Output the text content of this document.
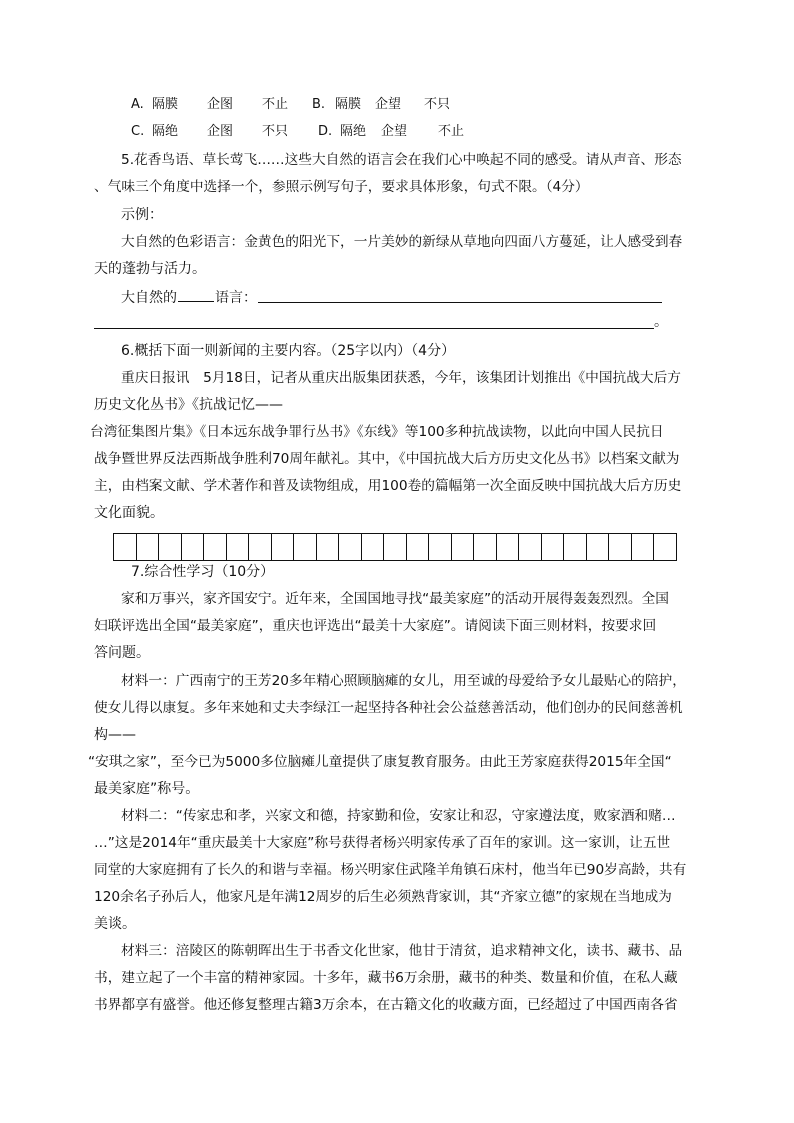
A. 隔膜 企图 不止 B. 隔膜 企望 不只
C. 隔绝 企图 不只 D. 隔绝 企望 不止
5.花香鸟语、草长莺飞……这些大自然的语言会在我们心中唤起不同的感受。请从声音、形态
、气味三个角度中选择一个，参照示例写句子，要求具体形象，句式不限。（4分）
示例：
大自然的色彩语言：金黄色的阳光下，一片美妙的新绿从草地向四面八方蔓延，让人感受到春
天的蓬勃与活力。
大自然的	语言：
。
6.概括下面一则新闻的主要内容。（25字以内）（4分）
重庆日报讯　5月18日，记者从重庆出版集团获悉，今年，该集团计划推出《中国抗战大后方
历史文化丛书》《抗战记忆——
台湾征集图片集》《日本远东战争罪行丛书》《东线》等100多种抗战读物，以此向中国人民抗日
战争暨世界反法西斯战争胜利70周年献礼。其中，《中国抗战大后方历史文化丛书》以档案文献为
主，由档案文献、学术著作和普及读物组成，用100卷的篇幅第一次全面反映中国抗战大后方历史
文化面貌。
7.综合性学习（10分）
家和万事兴，家齐国安宁。近年来，全国国地寻找“最美家庭”的活动开展得轰轰烈烈。全国
妇联评选出全国“最美家庭”，重庆也评选出“最美十大家庭”。请阅读下面三则材料，按要求回
答问题。
材料一：广西南宁的王芳20多年精心照顾脑瘫的女儿，用至诚的母爱给予女儿最贴心的陪护，
使女儿得以康复。多年来她和丈夫李绿江一起坚持各种社会公益慈善活动，他们创办的民间慈善机
构——
“安琪之家”，至今已为5000多位脑瘫儿童提供了康复教育服务。由此王芳家庭获得2015年全国“
最美家庭”称号。
材料二：“传家忠和孝，兴家文和德，持家勤和俭，安家让和忍，守家遵法度，败家酒和赌…
…”这是2014年“重庆最美十大家庭”称号获得者杨兴明家传承了百年的家训。这一家训，让五世
同堂的大家庭拥有了长久的和谐与幸福。杨兴明家住武隆羊角镇石床村，他当年已90岁高龄，共有
120余名子孙后人，他家凡是年满12周岁的后生必须熟背家训，其“齐家立德”的家规在当地成为
美谈。
材料三：涪陵区的陈朝晖出生于书香文化世家，他甘于清贫，追求精神文化，读书、藏书、品
书，建立起了一个丰富的精神家园。十多年，藏书6万余册，藏书的种类、数量和价值，在私人藏
书界都享有盛誉。他还修复整理古籍3万余本，在古籍文化的收藏方面，已经超过了中国西南各省
